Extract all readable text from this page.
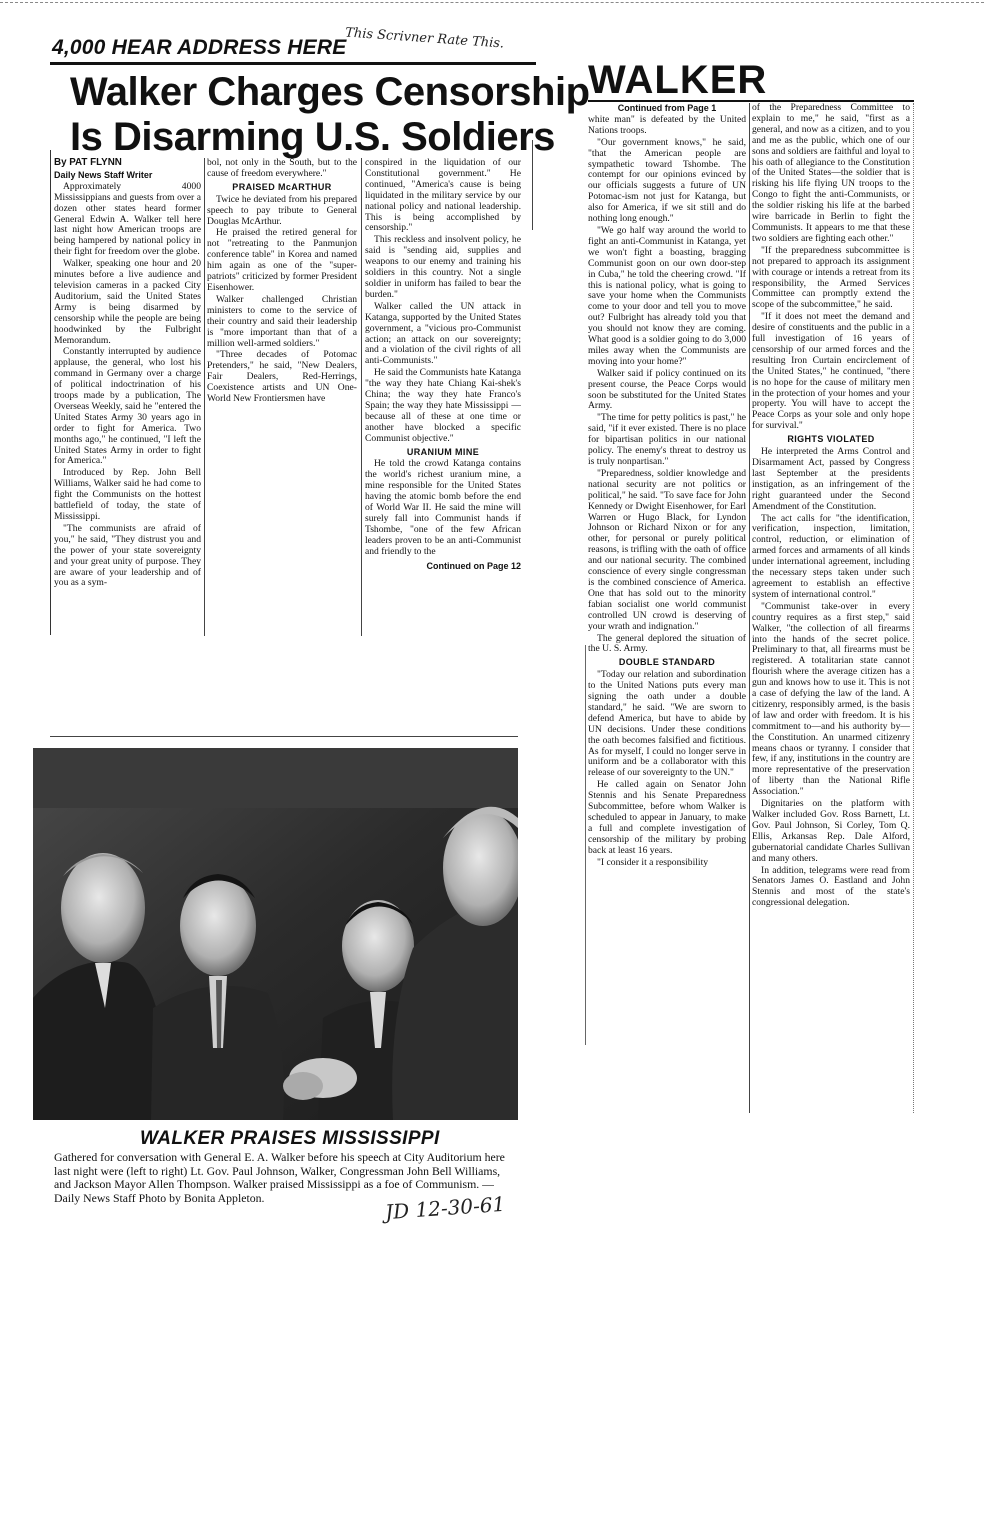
4,000 HEAR ADDRESS HERE
This Scrivner Rate This.
Walker Charges Censorship
Is Disarming U.S. Soldiers

By PAT FLYNN

Daily News Staff Writer

Approximately 4000 Mississippians and guests from over a dozen other states heard former General Edwin A. Walker tell here last night how American troops are being hampered by national policy in their fight for freedom over the globe.

Walker, speaking one hour and 20 minutes before a live audience and television cameras in a packed City Auditorium, said the United States Army is being disarmed by censorship while the people are being hoodwinked by the Fulbright Memorandum.

Constantly interrupted by audience applause, the general, who lost his command in Germany over a charge of political indoctrination of his troops made by a publication, The Overseas Weekly, said he "entered the United States Army 30 years ago in order to fight for America. Two months ago," he continued, "I left the United States Army in order to fight for America."

Introduced by Rep. John Bell Williams, Walker said he had come to fight the Communists on the hottest battlefield of today, the state of Mississippi.

"The communists are afraid of you," he said, "They distrust you and the power of your state sovereignty and your great unity of purpose. They are aware of your leadership and of you as a sym-

bol, not only in the South, but to the cause of freedom everywhere."

PRAISED McARTHUR

Twice he deviated from his prepared speech to pay tribute to General Douglas McArthur.

He praised the retired general for not "retreating to the Panmunjon conference table" in Korea and named him again as one of the "super-patriots" criticized by former President Eisenhower.

Walker challenged Christian ministers to come to the service of their country and said their leadership is "more important than that of a million well-armed soldiers."

"Three decades of Potomac Pretenders," he said, "New Dealers, Fair Dealers, Red-Herrings, Coexistence artists and UN One-World New Frontiersmen have

conspired in the liquidation of our Constitutional government." He continued, "America's cause is being liquidated in the military service by our national policy and national leadership. This is being accomplished by censorship."

This reckless and insolvent policy, he said is "sending aid, supplies and weapons to our enemy and training his soldiers in this country. Not a single soldier in uniform has failed to bear the burden."

Walker called the UN attack in Katanga, supported by the United States government, a "vicious pro-Communist action; an attack on our sovereignty; and a violation of the civil rights of all anti-Communists."

He said the Communists hate Katanga "the way they hate Chiang Kai-shek's China; the way they hate Franco's Spain; the way they hate Mississippi — because all of these at one time or another have blocked a specific Communist objective."

URANIUM MINE

He told the crowd Katanga contains the world's richest uranium mine, a mine responsible for the United States having the atomic bomb before the end of World War II. He said the mine will surely fall into Communist hands if Tshombe, "one of the few African leaders proven to be an anti-Communist and friendly to the

Continued on Page 12

WALKER

Continued from Page 1

white man" is defeated by the United Nations troops.

"Our government knows," he said, "that the American people are sympathetic toward Tshombe. The contempt for our opinions evinced by our officials suggests a future of UN Potomac-ism not just for Katanga, but also for America, if we sit still and do nothing long enough."

"We go half way around the world to fight an anti-Communist in Katanga, yet we won't fight a boasting, bragging Communist goon on our own door-step in Cuba," he told the cheering crowd. "If this is national policy, what is going to save your home when the Communists come to your door and tell you to move out? Fulbright has already told you that you should not know they are coming. What good is a soldier going to do 3,000 miles away when the Communists are moving into your home?"

Walker said if policy continued on its present course, the Peace Corps would soon be substituted for the United States Army.

"The time for petty politics is past," he said, "if it ever existed. There is no place for bipartisan politics in our national policy. The enemy's threat to destroy us is truly nonpartisan."

"Preparedness, soldier knowledge and national security are not politics or political," he said. "To save face for John Kennedy or Dwight Eisenhower, for Earl Warren or Hugo Black, for Lyndon Johnson or Richard Nixon or for any other, for personal or purely political reasons, is trifling with the oath of office and our national security. The combined conscience of every single congressman is the combined conscience of America. One that has sold out to the minority fabian socialist one world communist controlled UN crowd is deserving of your wrath and indignation."

The general deplored the situation of the U. S. Army.

DOUBLE STANDARD

"Today our relation and subordination to the United Nations puts every man signing the oath under a double standard," he said. "We are sworn to defend America, but have to abide by UN decisions. Under these conditions the oath becomes falsified and fictitious. As for myself, I could no longer serve in uniform and be a collaborator with this release of our sovereignty to the UN."

He called again on Senator John Stennis and his Senate Preparedness Subcommittee, before whom Walker is scheduled to appear in January, to make a full and complete investigation of censorship of the military by probing back at least 16 years.

"I consider it a responsibility

of the Preparedness Committee to explain to me," he said, "first as a general, and now as a citizen, and to you and me as the public, which one of our sons and soldiers are faithful and loyal to his oath of allegiance to the Constitution of the United States—the soldier that is risking his life flying UN troops to the Congo to fight the anti-Communists, or the soldier risking his life at the barbed wire barricade in Berlin to fight the Communists. It appears to me that these two soldiers are fighting each other."

"If the preparedness subcommittee is not prepared to approach its assignment with courage or intends a retreat from its responsibility, the Armed Services Committee can promptly extend the scope of the subcommittee," he said.

"If it does not meet the demand and desire of constituents and the public in a full investigation of 16 years of censorship of our armed forces and the resulting Iron Curtain encirclement of the United States," he continued, "there is no hope for the cause of military men in the protection of your homes and your property. You will have to accept the Peace Corps as your sole and only hope for survival."

RIGHTS VIOLATED

He interpreted the Arms Control and Disarmament Act, passed by Congress last September at the presidents instigation, as an infringement of the right guaranteed under the Second Amendment of the Constitution.

The act calls for "the identification, verification, inspection, limitation, control, reduction, or elimination of armed forces and armaments of all kinds under international agreement, including the necessary steps taken under such agreement to establish an effective system of international control."

"Communist take-over in every country requires as a first step," said Walker, "the collection of all firearms into the hands of the secret police. Preliminary to that, all firearms must be registered. A totalitarian state cannot flourish where the average citizen has a gun and knows how to use it. This is not a case of defying the law of the land. A citizenry, responsibly armed, is the basis of law and order with freedom. It is his commitment to—and his authority by—the Constitution. An unarmed citizenry means chaos or tyranny. I consider that few, if any, institutions in the country are more representative of the preservation of liberty than the National Rifle Association."

Dignitaries on the platform with Walker included Gov. Ross Barnett, Lt. Gov. Paul Johnson, Si Corley, Tom Q. Ellis, Arkansas Rep. Dale Alford, gubernatorial candidate Charles Sullivan and many others.

In addition, telegrams were read from Senators James O. Eastland and John Stennis and most of the state's congressional delegation.

WALKER PRAISES MISSISSIPPI
Gathered for conversation with General E. A. Walker before his speech at City Auditorium here last night were (left to right) Lt. Gov. Paul Johnson, Walker, Congressman John Bell Williams, and Jackson Mayor Allen Thompson. Walker praised Mississippi as a foe of Communism. — Daily News Staff Photo by Bonita Appleton.	JD 12-30-61
